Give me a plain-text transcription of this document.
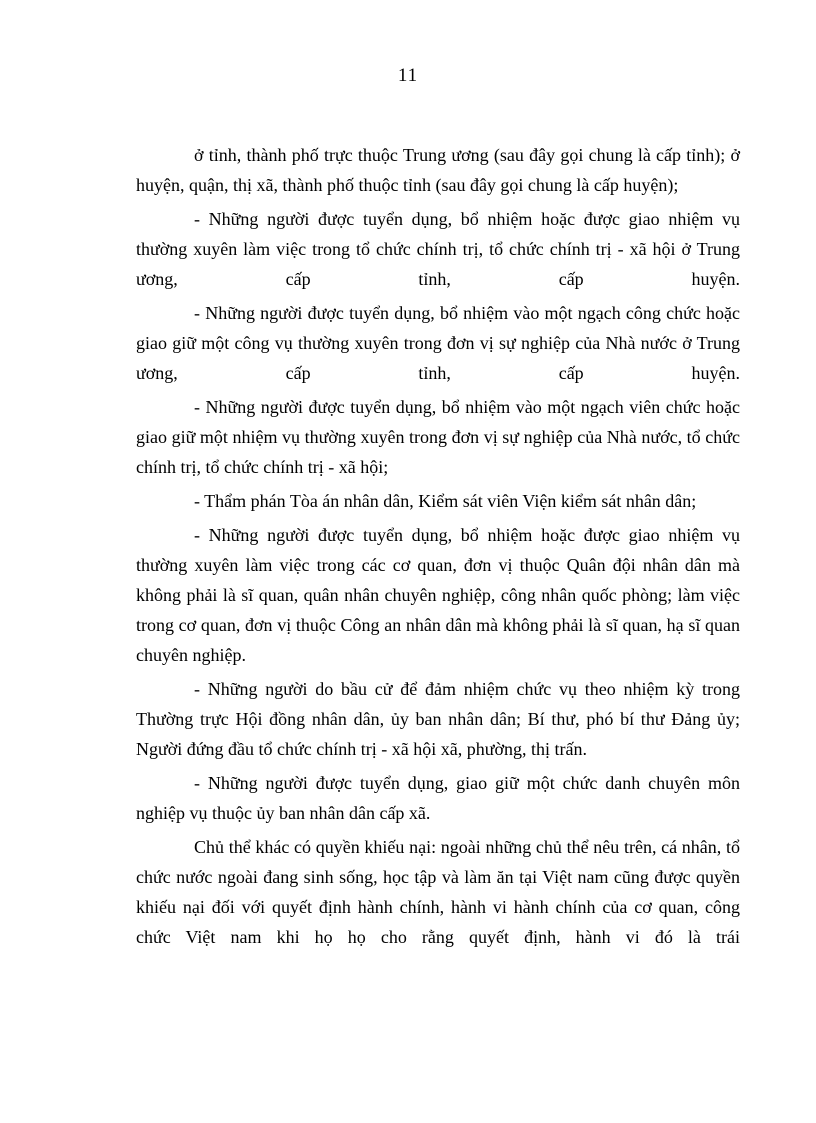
11

ở tỉnh, thành phố trực thuộc Trung ương (sau đây gọi chung là cấp tỉnh); ở huyện, quận, thị xã, thành phố thuộc tỉnh (sau đây gọi chung là cấp huyện);

- Những người được tuyển dụng, bổ nhiệm hoặc được giao nhiệm vụ thường xuyên làm việc trong tổ chức chính trị, tổ chức chính trị - xã hội ở Trung ương, cấp tỉnh, cấp huyện.

- Những người được tuyển dụng, bổ nhiệm vào một ngạch công chức hoặc giao giữ một công vụ thường xuyên trong đơn vị sự nghiệp của Nhà nước ở Trung ương, cấp tỉnh, cấp huyện.

- Những người được tuyển dụng, bổ nhiệm vào một ngạch viên chức hoặc giao giữ một nhiệm vụ thường xuyên trong đơn vị sự nghiệp của Nhà nước, tổ chức chính trị, tổ chức chính trị - xã hội;

- Thẩm phán Tòa án nhân dân, Kiểm sát viên Viện kiểm sát nhân dân;

- Những người được tuyển dụng, bổ nhiệm hoặc được giao nhiệm vụ thường xuyên làm việc trong các cơ quan, đơn vị thuộc Quân đội nhân dân mà không phải là sĩ quan, quân nhân chuyên nghiệp, công nhân quốc phòng; làm việc trong cơ quan, đơn vị thuộc Công an nhân dân mà không phải là sĩ quan, hạ sĩ quan chuyên nghiệp.

- Những người do bầu cử để đảm nhiệm chức vụ theo nhiệm kỳ trong Thường trực Hội đồng nhân dân, ủy ban nhân dân; Bí thư, phó bí thư Đảng ủy; Người đứng đầu tổ chức chính trị - xã hội xã, phường, thị trấn.

- Những người được tuyển dụng, giao giữ một chức danh chuyên môn nghiệp vụ thuộc ủy ban nhân dân cấp xã.

Chủ thể khác có quyền khiếu nại: ngoài những chủ thể nêu trên, cá nhân, tổ chức nước ngoài đang sinh sống, học tập và làm ăn tại Việt nam cũng được quyền khiếu nại đối với quyết định hành chính, hành vi hành chính của cơ quan, công chức Việt nam khi họ họ cho rằng quyết định, hành vi đó là trái
